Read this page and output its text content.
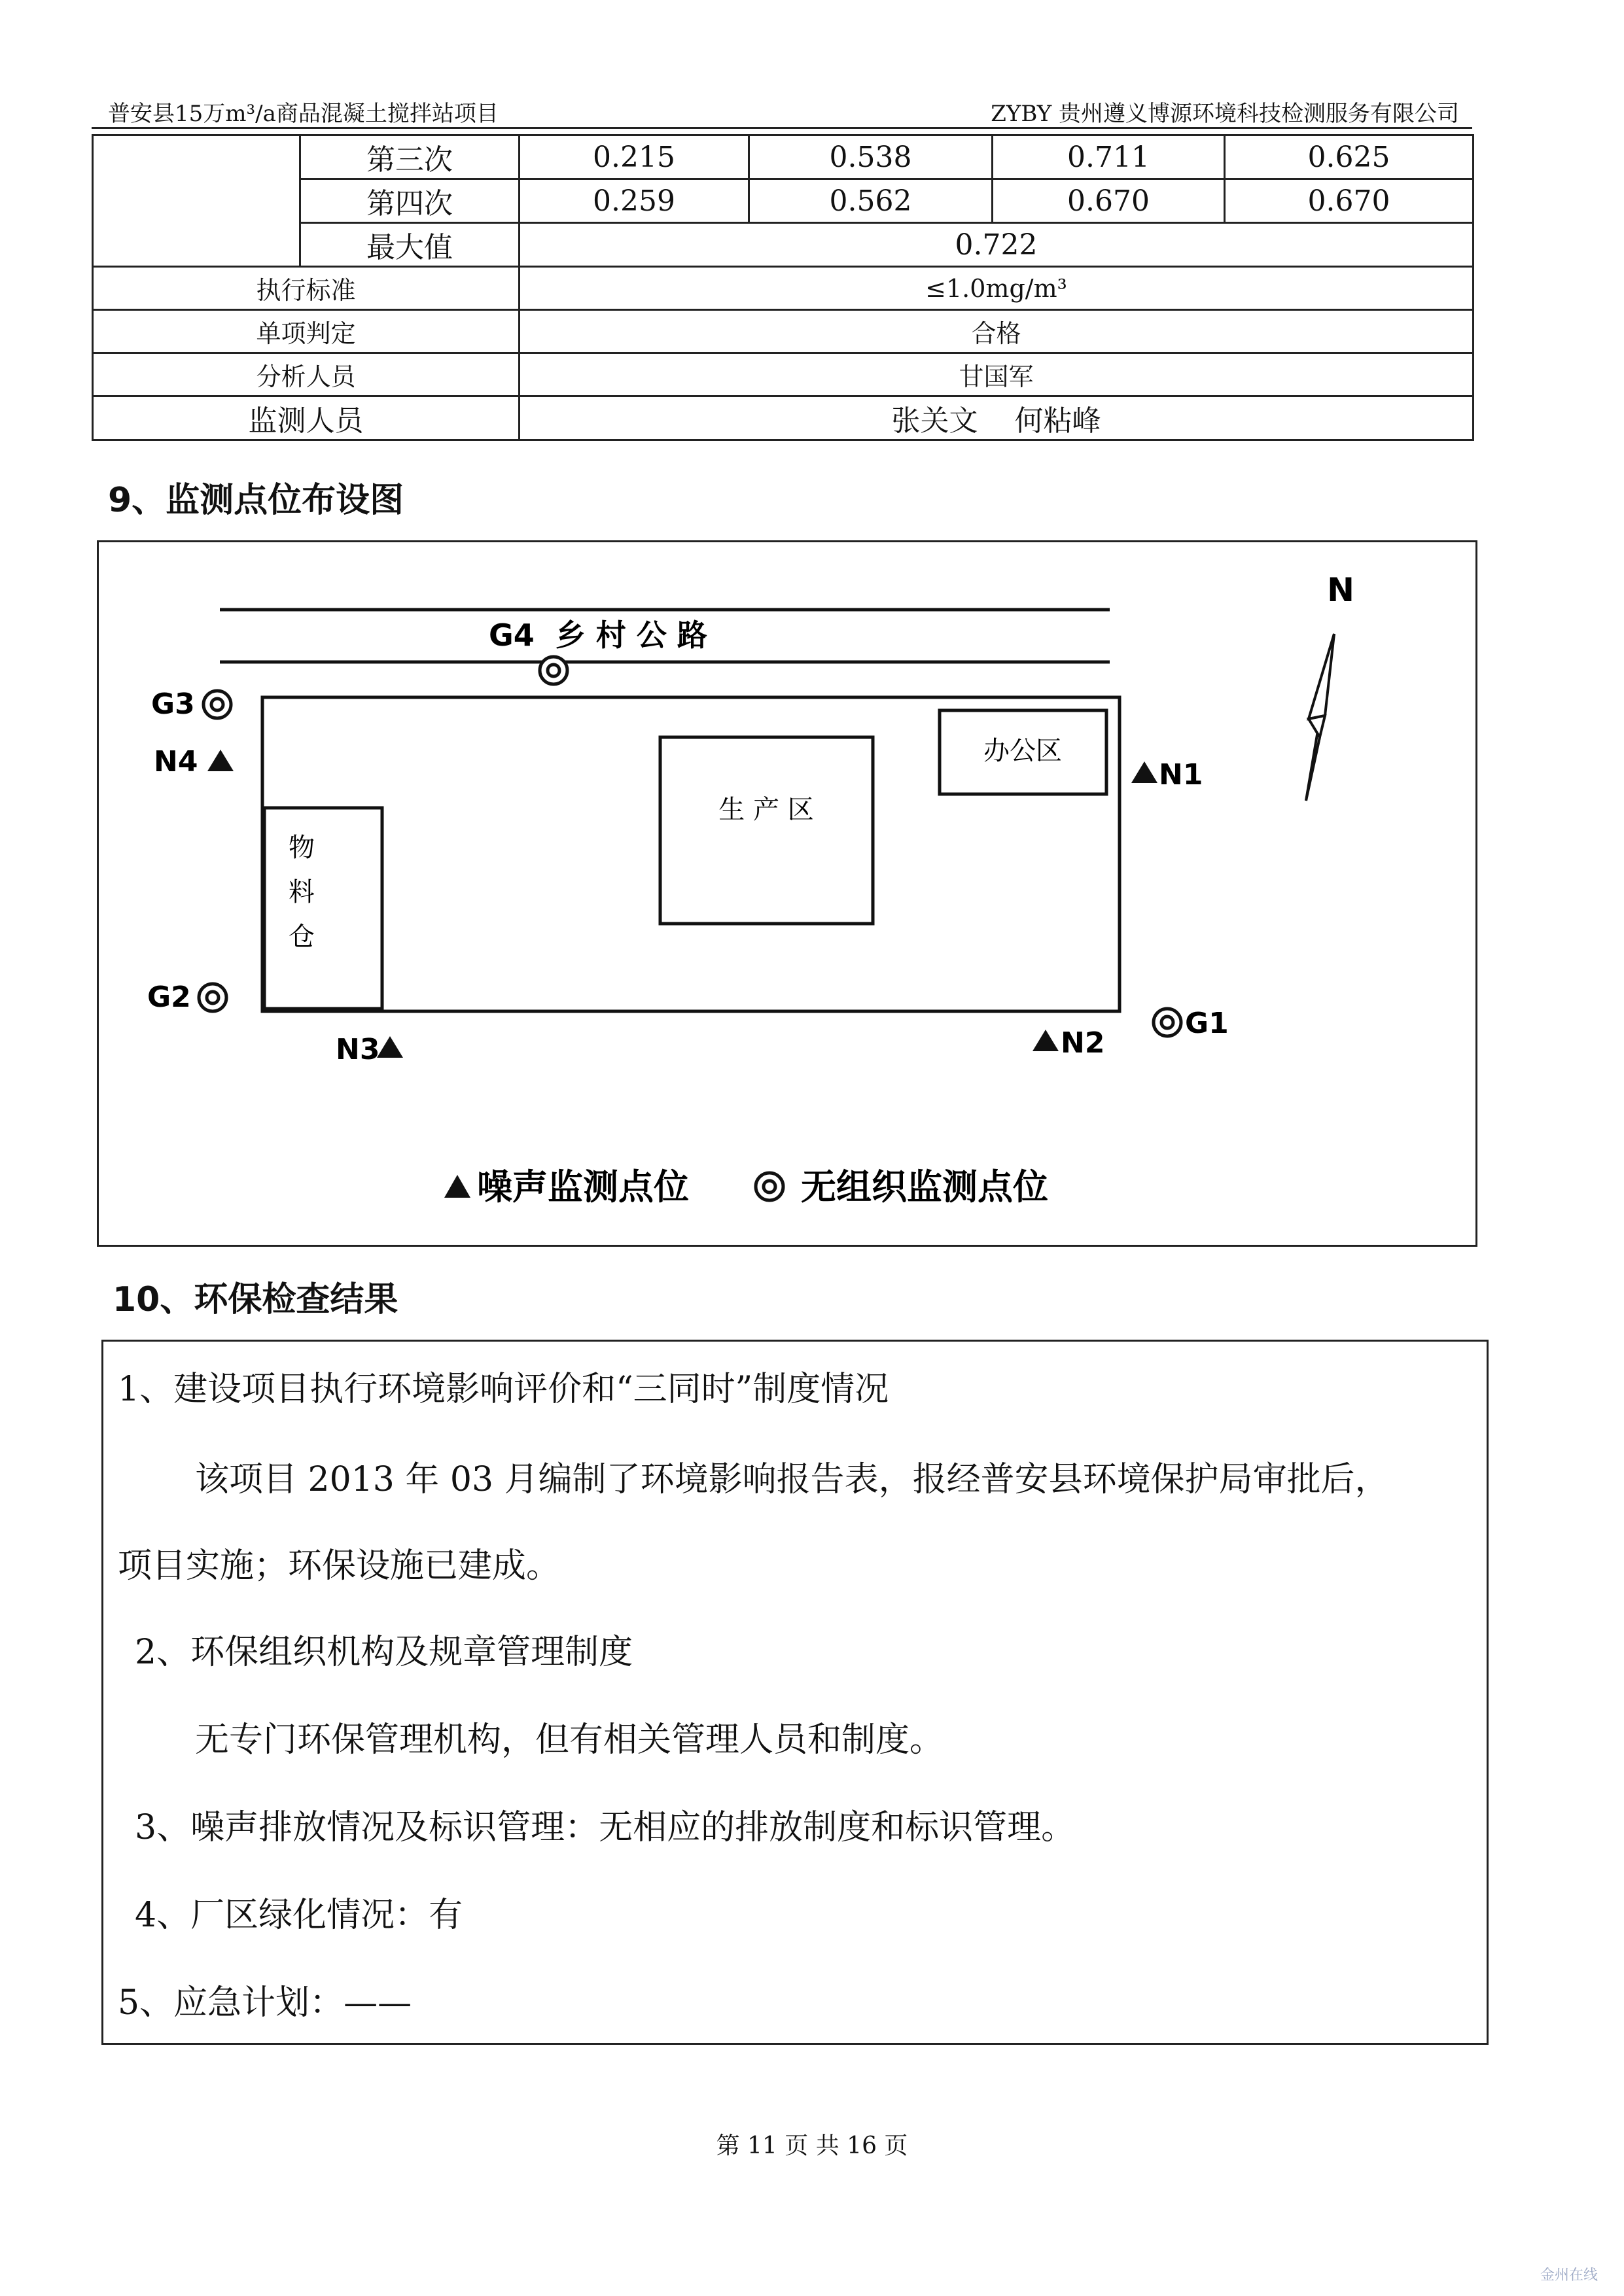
普安县15万m³/a商品混凝土搅拌站项目	ZYBY 贵州遵义博源环境科技检测服务有限公司
	第三次	0.215	0.538	0.711	0.625
	第四次	0.259	0.562	0.670	0.670
	最大值	0.722			
执行标准		≤1.0mg/m³			
单项判定		合格			
分析人员		甘国军			
监测人员		张关文    何粘峰			
9、监测点位布设图
G4  乡 村 公 路
办公区
生 产 区
物
料
仓
N
G3
G2
G1
N4	N1
N3	N2
噪声监测点位	无组织监测点位
10、环保检查结果
1、建设项目执行环境影响评价和“三同时”制度情况
该项目 2013 年 03 月编制了环境影响报告表，报经普安县环境保护局审批后，
项目实施；环保设施已建成。
2、环保组织机构及规章管理制度
无专门环保管理机构，但有相关管理人员和制度。
3、噪声排放情况及标识管理：无相应的排放制度和标识管理。
4、厂区绿化情况：有
5、应急计划：——
第 11 页 共 16 页
金州在线
